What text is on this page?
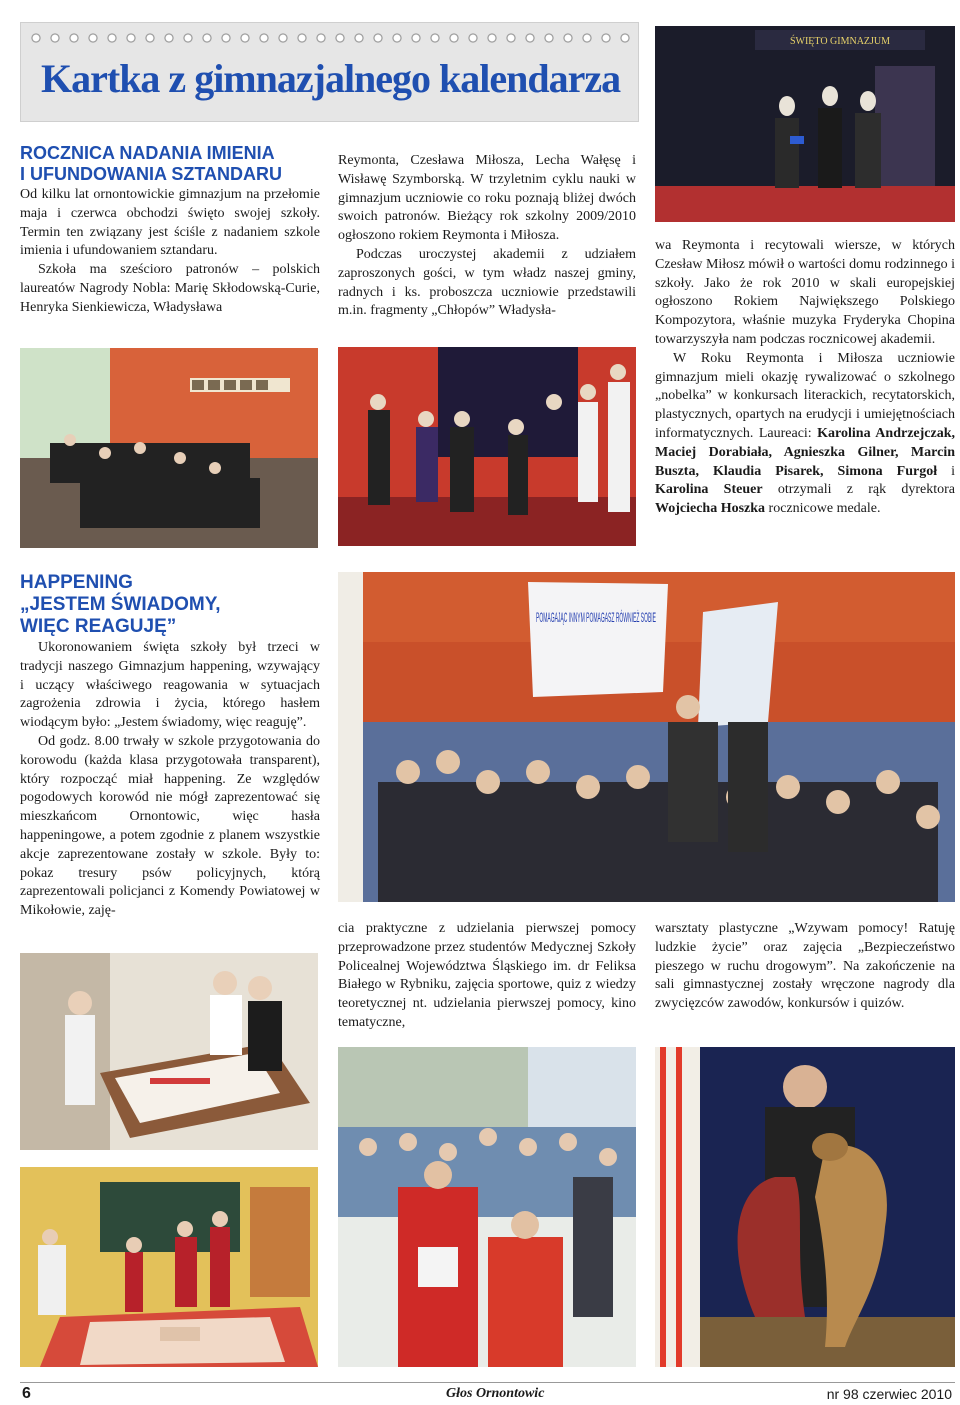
Kartka z gimnazjalnego kalendarza
ŚWIĘTO GIMNAZJUM
ROCZNICA NADANIA IMIENIA
I UFUNDOWANIA SZTANDARU

Od kilku lat ornontowickie gimnazjum na przełomie maja i czerwca obchodzi święto swojej szkoły. Termin ten związany jest ściśle z nadaniem szkole imienia i ufundowaniem sztandaru.

Szkoła ma sześcioro patronów – polskich laureatów Nagrody Nobla: Marię Skłodowską-Curie, Henryka Sienkiewicza, Władysława

Reymonta, Czesława Miłosza, Lecha Wałęsę i Wisławę Szymborską. W trzyletnim cyklu nauki w gimnazjum uczniowie co roku poznają bliżej dwóch swoich patronów. Bieżący rok szkolny 2009/2010 ogłoszono rokiem Reymonta i Miłosza.

Podczas uroczystej akademii z udziałem zaproszonych gości, w tym władz naszej gminy, radnych i ks. proboszcza uczniowie przedstawili m.in. fragmenty „Chłopów” Władysła-

wa Reymonta i recytowali wiersze, w których Czesław Miłosz mówił o wartości domu rodzinnego i szkoły. Jako że rok 2010 w skali europejskiej ogłoszono Rokiem Największego Polskiego Kompozytora, właśnie muzyka Fryderyka Chopina towarzyszyła nam podczas rocznicowej akademii.

W Roku Reymonta i Miłosza uczniowie gimnazjum mieli okazję rywalizować o szkolnego „nobelka” w konkursach literackich, recytatorskich, plastycznych, opartych na erudycji i umiejętnościach informatycznych. Laureaci: Karolina Andrzejczak, Maciej Dorabiała, Agnieszka Gilner, Marcin Buszta, Klaudia Pisarek, Simona Furgoł i Karolina Steuer otrzymali z rąk dyrektora Wojciecha Hoszka rocznicowe medale.

HAPPENING
„JESTEM ŚWIADOMY,
WIĘC REAGUJĘ”

Ukoronowaniem święta szkoły był trzeci w tradycji naszego Gimnazjum happening, wzywający i uczący właściwego reagowania w sytuacjach zagrożenia zdrowia i życia, którego hasłem wiodącym było: „Jestem świadomy, więc reaguję”.

Od godz. 8.00 trwały w szkole przygotowania do korowodu (każda klasa przygotowała transparent), który rozpocząć miał happening. Ze względów pogodowych korowód nie mógł zaprezentować się mieszkańcom Ornontowic, więc hasła happeningowe, a potem zgodnie z planem wszystkie akcje zaprezentowane zostały w szkole. Były to: pokaz tresury psów policyjnych, którą zaprezentowali policjanci z Komendy Powiatowej w Mikołowie, zaję-

cia praktyczne z udzielania pierwszej pomocy przeprowadzone przez studentów Medycznej Szkoły Policealnej Województwa Śląskiego im. dr Feliksa Białego w Rybniku, zajęcia sportowe, quiz z wiedzy teoretycznej nt. udzielania pierwszej pomocy, kino tematyczne,

warsztaty plastyczne „Wzywam pomocy! Ratuję ludzkie życie” oraz zajęcia „Bezpieczeństwo pieszego w ruchu drogowym”. Na zakończenie na sali gimnastycznej zostały wręczone nagrody dla zwycięzców zawodów, konkursów i quizów.

6	Głos Ornontowic	nr 98 czerwiec 2010
